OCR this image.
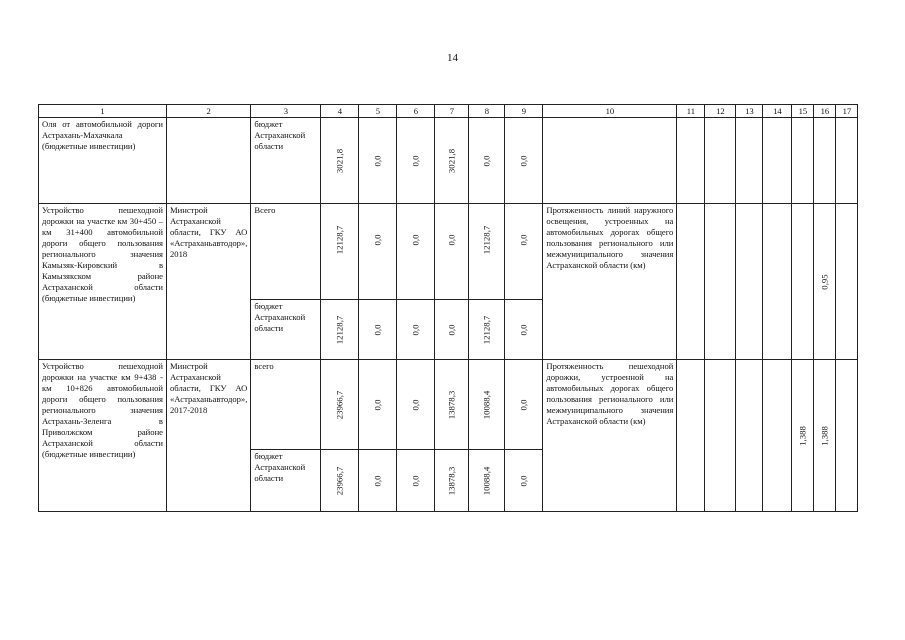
14
1	2	3	4	5	6	7	8	9	10	11	12	13	14	15	16	17
Оля от автомобильной дороги Астрахань-Махачкала (бюджетные инвестиции)		бюджет Астраханской области	3021,8	0,0	0,0	3021,8	0,0	0,0								

Устройство пешеходной дорожки на участке км 30+450 – км 31+400 автомобильной дороги общего пользования регионального значения Камызяк-Кировский в Камызякском районе Астраханской области (бюджетные инвестиции)	Минстрой Астраханской области, ГКУ АО «Астраханьавтодор», 2018	Всего	12128,7	0,0	0,0	0,0	12128,7	0,0	Протяженность линий наружного освещения, устроенных на автомобильных дорогах общего пользования регионального или межмуниципального значения Астраханской области (км)						0,95	

		бюджет Астраханской области	12128,7	0,0	0,0	0,0	12128,7	0,0								

Устройство пешеходной дорожки на участке км 9+438 - км 10+826 автомобильной дороги общего пользования регионального значения Астрахань-Зеленга в Приволжском районе Астраханской области (бюджетные инвестиции)	Минстрой Астраханской области, ГКУ АО «Астраханьавтодор», 2017-2018	всего	23966,7	0,0	0,0	13878,3	10088,4	0,0	Протяженность пешеходной дорожки, устроенной на автомобильных дорогах общего пользования регионального или межмуниципального значения Астраханской области (км)					1,388	1,388	

		бюджет Астраханской области	23966,7	0,0	0,0	13878,3	10088,4	0,0								
